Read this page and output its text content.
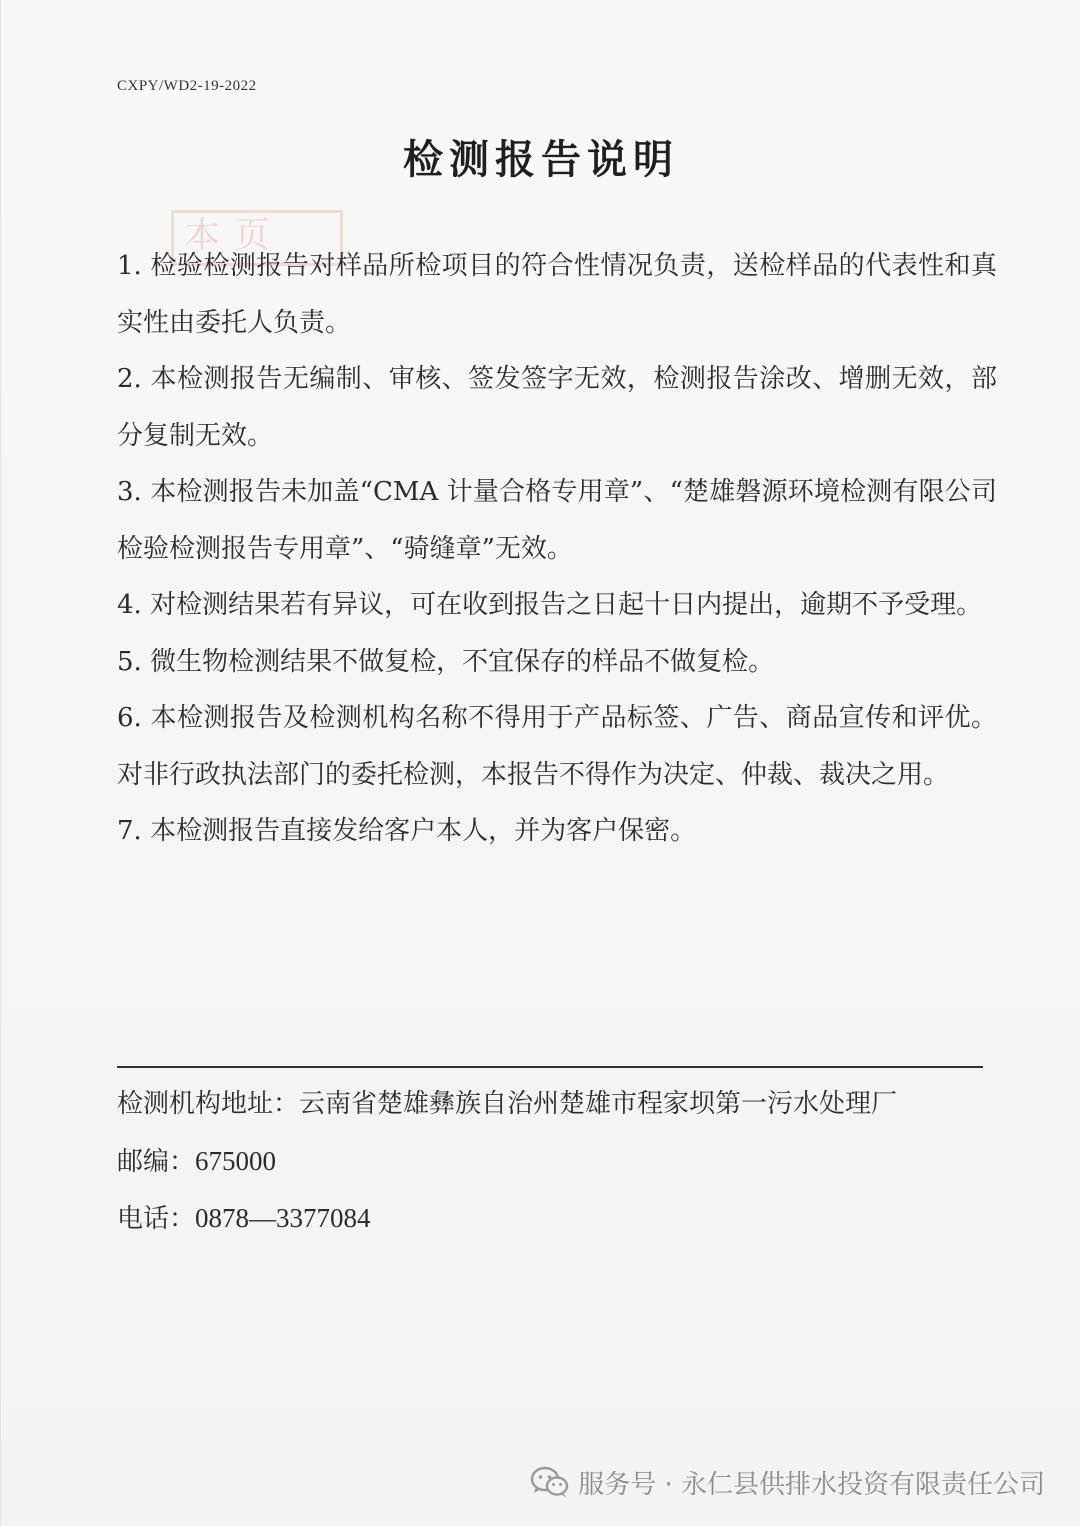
CXPY/WD2-19-2022
检测报告说明
本页

1. 检验检测报告对样品所检项目的符合性情况负责，送检样品的代表性和真实性由委托人负责。

2. 本检测报告无编制、审核、签发签字无效，检测报告涂改、增删无效，部分复制无效。

3. 本检测报告未加盖“CMA 计量合格专用章”、“楚雄磐源环境检测有限公司检验检测报告专用章”、“骑缝章”无效。

4. 对检测结果若有异议，可在收到报告之日起十日内提出，逾期不予受理。

5. 微生物检测结果不做复检，不宜保存的样品不做复检。

6. 本检测报告及检测机构名称不得用于产品标签、广告、商品宣传和评优。对非行政执法部门的委托检测，本报告不得作为决定、仲裁、裁决之用。

7. 本检测报告直接发给客户本人，并为客户保密。

检测机构地址：云南省楚雄彝族自治州楚雄市程家坝第一污水处理厂

邮编：675000

电话：0878—3377084

服务号 · 永仁县供排水投资有限责任公司
